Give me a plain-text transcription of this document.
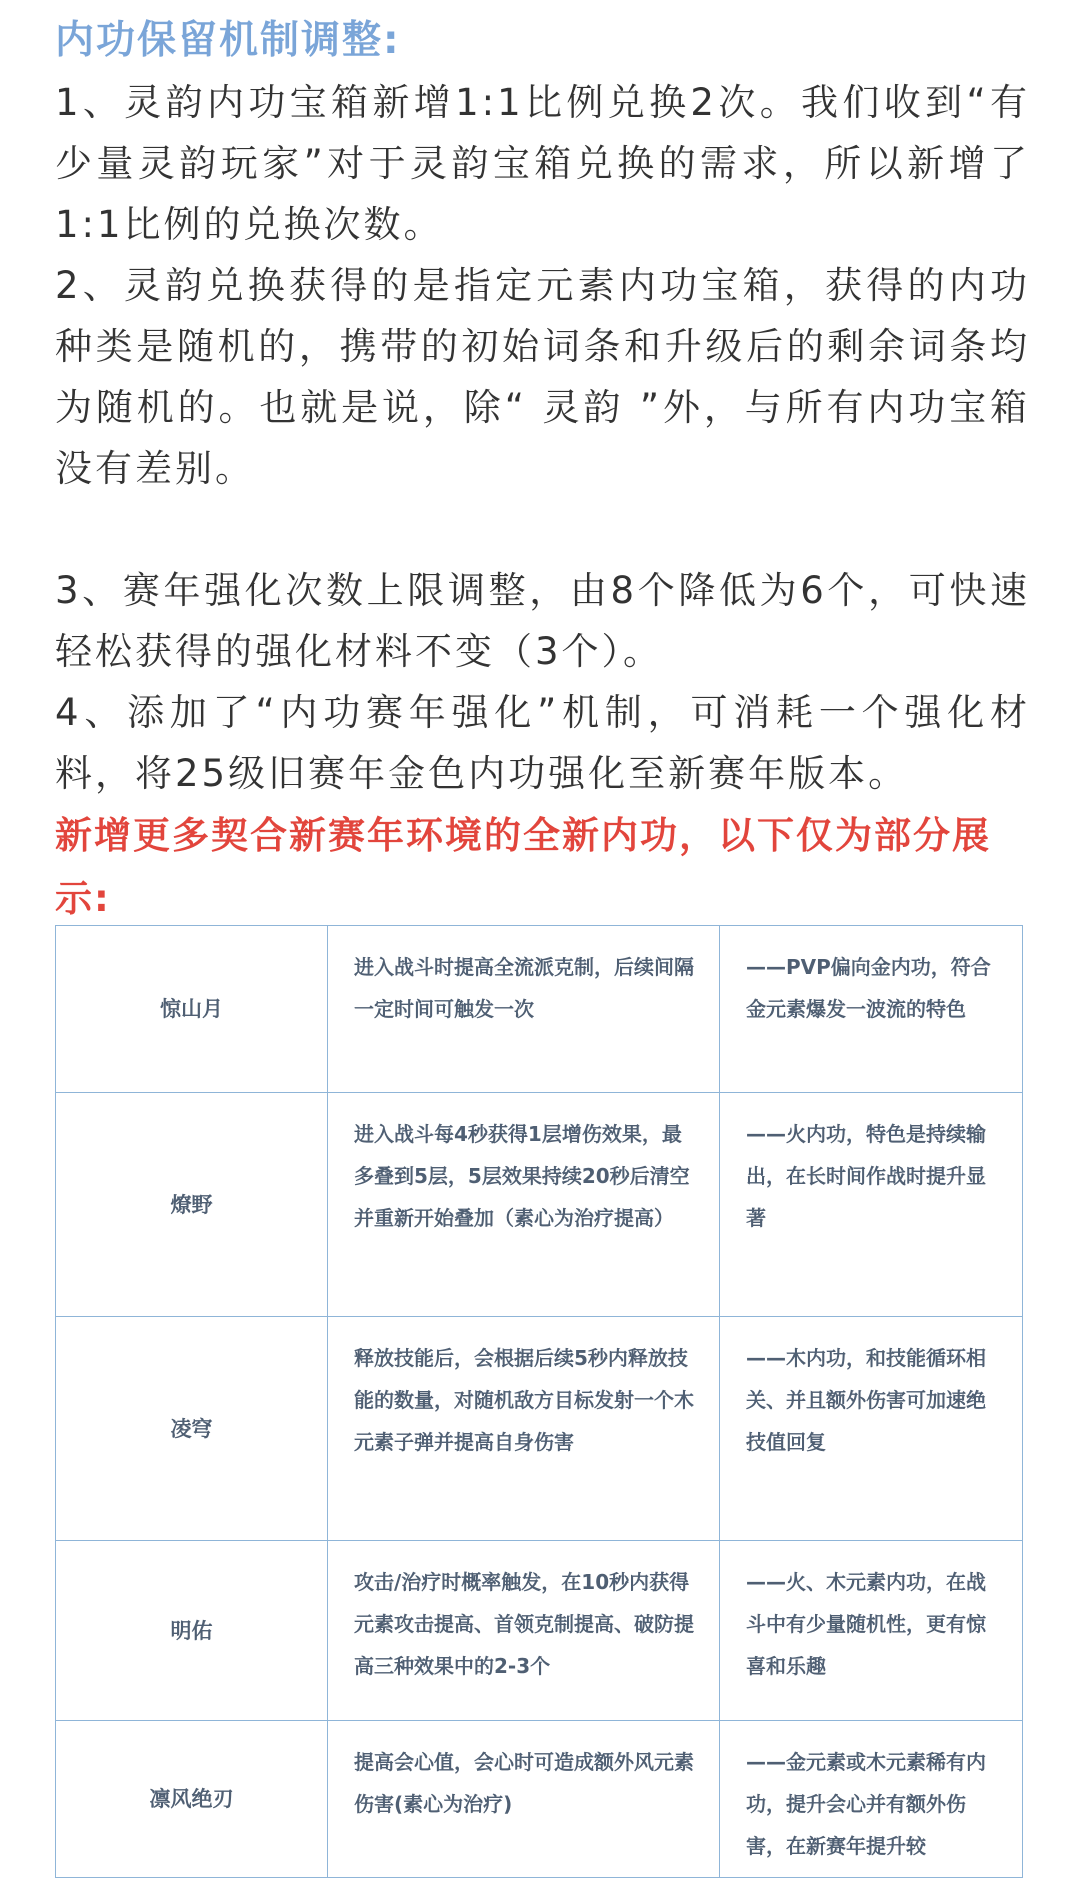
内功保留机制调整:

1、灵韵内功宝箱新增1:1比例兑换2次。我们收到“有少量灵韵玩家”对于灵韵宝箱兑换的需求，所以新增了1:1比例的兑换次数。

2、灵韵兑换获得的是指定元素内功宝箱，获得的内功种类是随机的，携带的初始词条和升级后的剩余词条均为随机的。也就是说，除“ 灵韵 ”外，与所有内功宝箱没有差别。

3、赛年强化次数上限调整，由8个降低为6个，可快速轻松获得的强化材料不变（3个）。

4、添加了“内功赛年强化”机制，可消耗一个强化材料，将25级旧赛年金色内功强化至新赛年版本。

新增更多契合新赛年环境的全新内功，以下仅为部分展示:

惊山月	进入战斗时提高全流派克制，后续间隔一定时间可触发一次	——PVP偏向金内功，符合金元素爆发一波流的特色
燎野	进入战斗每4秒获得1层增伤效果，最多叠到5层，5层效果持续20秒后清空并重新开始叠加（素心为治疗提高）	——火内功，特色是持续输出，在长时间作战时提升显著
凌穹	释放技能后，会根据后续5秒内释放技能的数量，对随机敌方目标发射一个木元素子弹并提高自身伤害	——木内功，和技能循环相关、并且额外伤害可加速绝技值回复
明佑	攻击/治疗时概率触发，在10秒内获得元素攻击提高、首领克制提高、破防提高三种效果中的2-3个	——火、木元素内功，在战斗中有少量随机性，更有惊喜和乐趣
凛风绝刃	提高会心值，会心时可造成额外风元素伤害(素心为治疗)	——金元素或木元素稀有内功，提升会心并有额外伤害，在新赛年提升较
